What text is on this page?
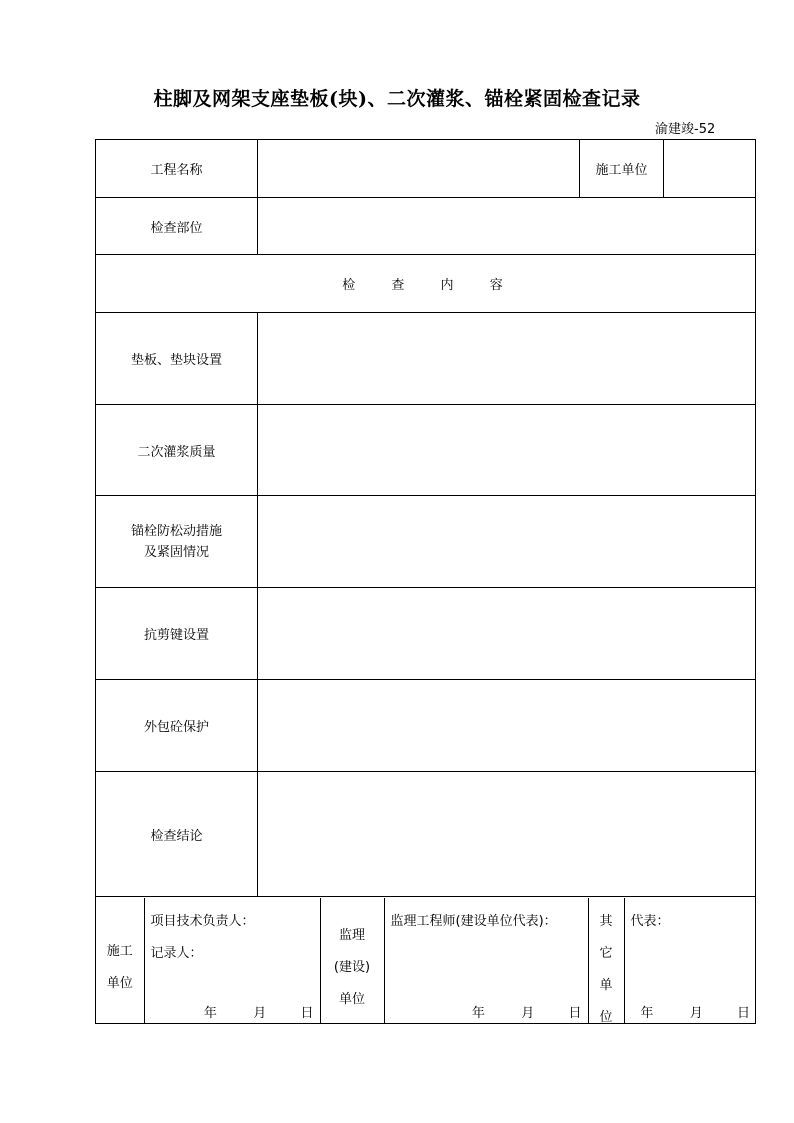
柱脚及网架支座垫板(块)、二次灌浆、锚栓紧固检查记录
渝建竣-52
工程名称		施工单位	
检查部位	
检 查 内 容
垫板、垫块设置	
二次灌浆质量	

锚栓防松动措施
及紧固情况

抗剪键设置	
外包砼保护	
检查结论	

施工
单位

项目技术负责人：
记录人：
年	月	日

监理
(建设)
单位

监理工程师(建设单位代表)：
年	月	日

其
它
单
位

代表：
年	月	日
